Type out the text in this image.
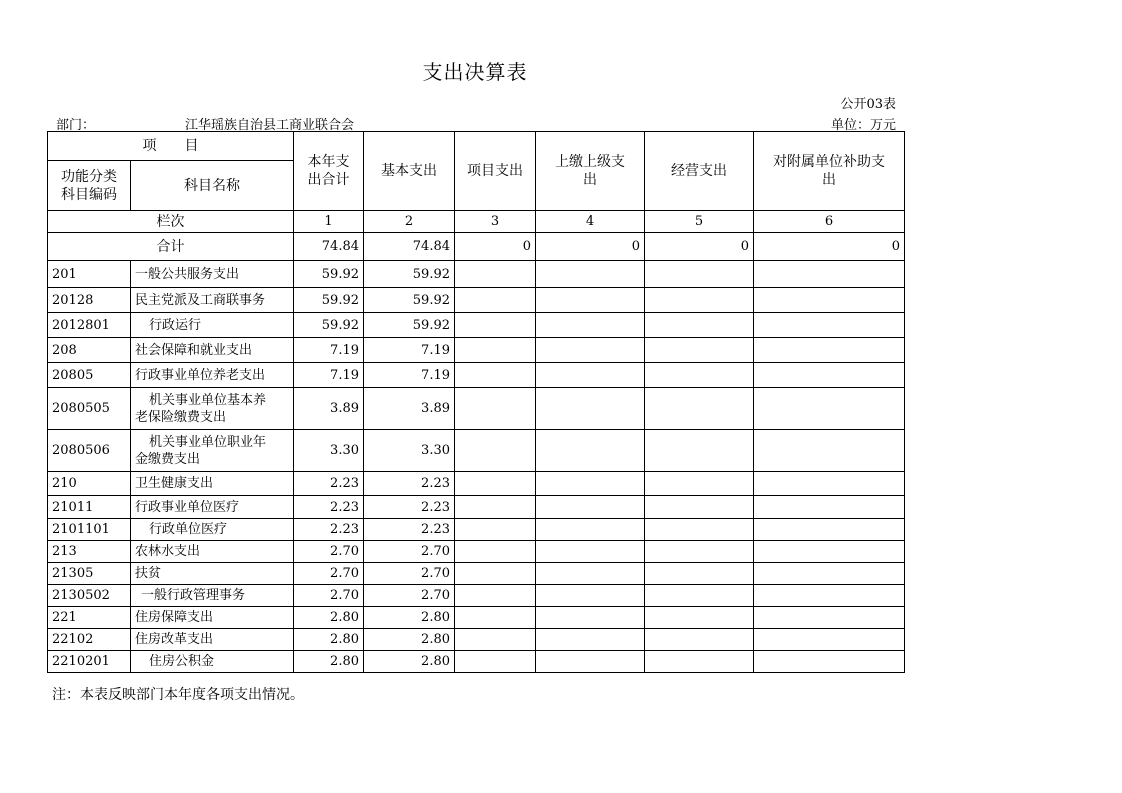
支出决算表
公开03表
部门：	江华瑶族自治县工商业联合会	单位：万元
项　　目		本年支
出合计	基本支出	项目支出	上缴上级支
出	经营支出	对附属单位补助支
出
功能分类
科目编码	科目名称						
栏次		1	2	3	4	5	6
合计		74.84	74.84	0	0	0	0
201	一般公共服务支出	59.92	59.92				
20128	民主党派及工商联事务	59.92	59.92				
2012801	行政运行	59.92	59.92				
208	社会保障和就业支出	7.19	7.19				
20805	行政事业单位养老支出	7.19	7.19				
2080505	机关事业单位基本养
老保险缴费支出	3.89	3.89				
2080506	机关事业单位职业年
金缴费支出	3.30	3.30				
210	卫生健康支出	2.23	2.23				
21011	行政事业单位医疗	2.23	2.23				
2101101	行政单位医疗	2.23	2.23				
213	农林水支出	2.70	2.70				
21305	扶贫	2.70	2.70				
2130502	一般行政管理事务	2.70	2.70				
221	住房保障支出	2.80	2.80				
22102	住房改革支出	2.80	2.80				
2210201	住房公积金	2.80	2.80				
注：本表反映部门本年度各项支出情况。
